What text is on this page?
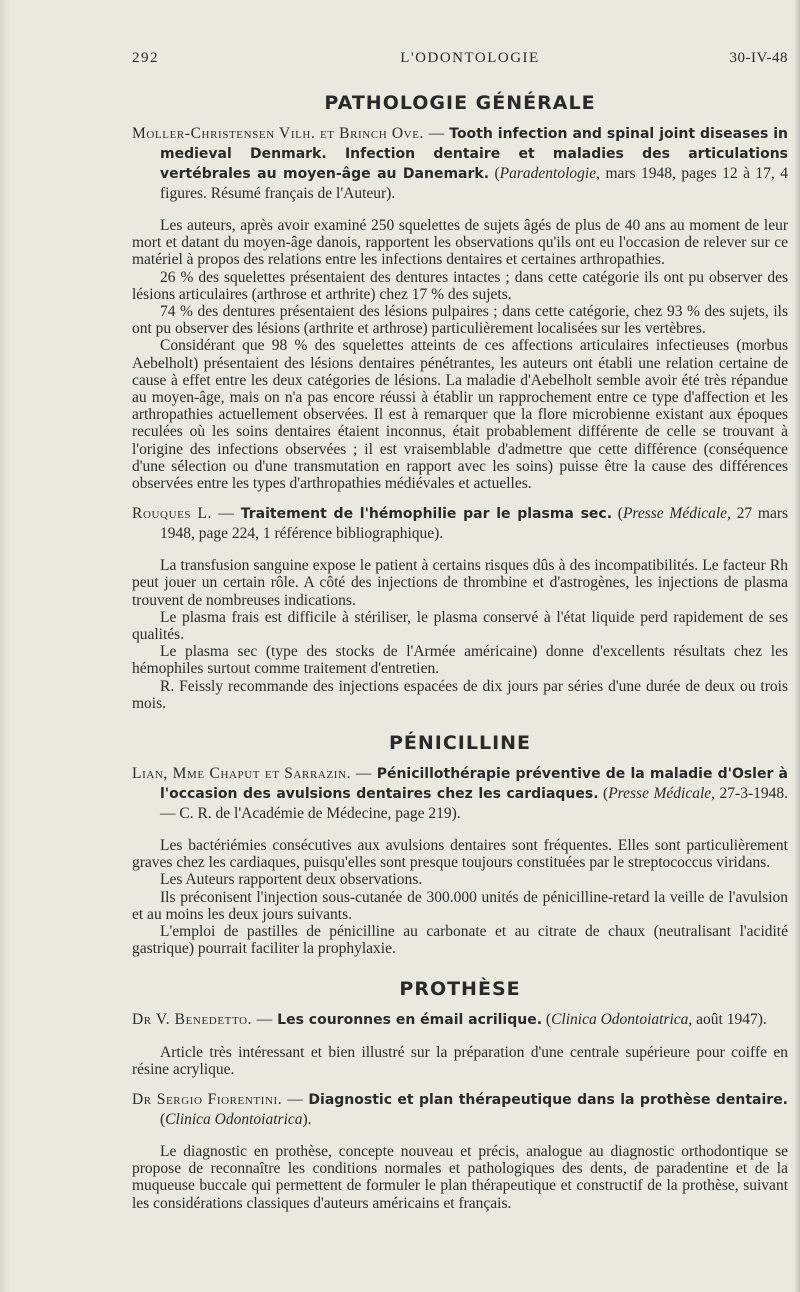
292	L'ODONTOLOGIE	30-IV-48
PATHOLOGIE GÉNÉRALE
Moller-Christensen Vilh. et Brinch Ove. — Tooth infection and spinal joint diseases in medieval Denmark. Infection dentaire et maladies des articulations vertébrales au moyen-âge au Danemark. (Paradentologie, mars 1948, pages 12 à 17, 4 figures. Résumé français de l'Auteur).

Les auteurs, après avoir examiné 250 squelettes de sujets âgés de plus de 40 ans au moment de leur mort et datant du moyen-âge danois, rapportent les observations qu'ils ont eu l'occasion de relever sur ce matériel à propos des relations entre les infections dentaires et certaines arthropathies.

26 % des squelettes présentaient des dentures intactes ; dans cette catégorie ils ont pu observer des lésions articulaires (arthrose et arthrite) chez 17 % des sujets.

74 % des dentures présentaient des lésions pulpaires ; dans cette catégorie, chez 93 % des sujets, ils ont pu observer des lésions (arthrite et arthrose) particulièrement localisées sur les vertèbres.

Considérant que 98 % des squelettes atteints de ces affections articulaires infectieuses (morbus Aebelholt) présentaient des lésions dentaires pénétrantes, les auteurs ont établi une relation certaine de cause à effet entre les deux catégories de lésions. La maladie d'Aebelholt semble avoir été très répandue au moyen-âge, mais on n'a pas encore réussi à établir un rapprochement entre ce type d'affection et les arthropathies actuellement observées. Il est à remarquer que la flore microbienne existant aux époques reculées où les soins dentaires étaient inconnus, était probablement différente de celle se trouvant à l'origine des infections observées ; il est vraisemblable d'admettre que cette différence (conséquence d'une sélection ou d'une transmutation en rapport avec les soins) puisse être la cause des différences observées entre les types d'arthropathies médiévales et actuelles.

Rouques L. — Traitement de l'hémophilie par le plasma sec. (Presse Médicale, 27 mars 1948, page 224, 1 référence bibliographique).

La transfusion sanguine expose le patient à certains risques dûs à des incompatibilités. Le facteur Rh peut jouer un certain rôle. A côté des injections de thrombine et d'astrogènes, les injections de plasma trouvent de nombreuses indications.

Le plasma frais est difficile à stériliser, le plasma conservé à l'état liquide perd rapidement de ses qualités.

Le plasma sec (type des stocks de l'Armée américaine) donne d'excellents résultats chez les hémophiles surtout comme traitement d'entretien.

R. Feissly recommande des injections espacées de dix jours par séries d'une durée de deux ou trois mois.

PÉNICILLINE
Lian, Mme Chaput et Sarrazin. — Pénicillothérapie préventive de la maladie d'Osler à l'occasion des avulsions dentaires chez les cardiaques. (Presse Médicale, 27-3-1948. — C. R. de l'Académie de Médecine, page 219).

Les bactériémies consécutives aux avulsions dentaires sont fréquentes. Elles sont particulièrement graves chez les cardiaques, puisqu'elles sont presque toujours constituées par le streptococcus viridans.

Les Auteurs rapportent deux observations.

Ils préconisent l'injection sous-cutanée de 300.000 unités de pénicilline-retard la veille de l'avulsion et au moins les deux jours suivants.

L'emploi de pastilles de pénicilline au carbonate et au citrate de chaux (neutralisant l'acidité gastrique) pourrait faciliter la prophylaxie.

PROTHÈSE
Dr V. Benedetto. — Les couronnes en émail acrilique. (Clinica Odontoiatrica, août 1947).

Article très intéressant et bien illustré sur la préparation d'une centrale supérieure pour coiffe en résine acrylique.

Dr Sergio Fiorentini. — Diagnostic et plan thérapeutique dans la prothèse dentaire. (Clinica Odontoiatrica).

Le diagnostic en prothèse, concepte nouveau et précis, analogue au diagnostic orthodontique se propose de reconnaître les conditions normales et pathologiques des dents, de paradentine et de la muqueuse buccale qui permettent de formuler le plan thérapeutique et constructif de la prothèse, suivant les considérations classiques d'auteurs américains et français.
